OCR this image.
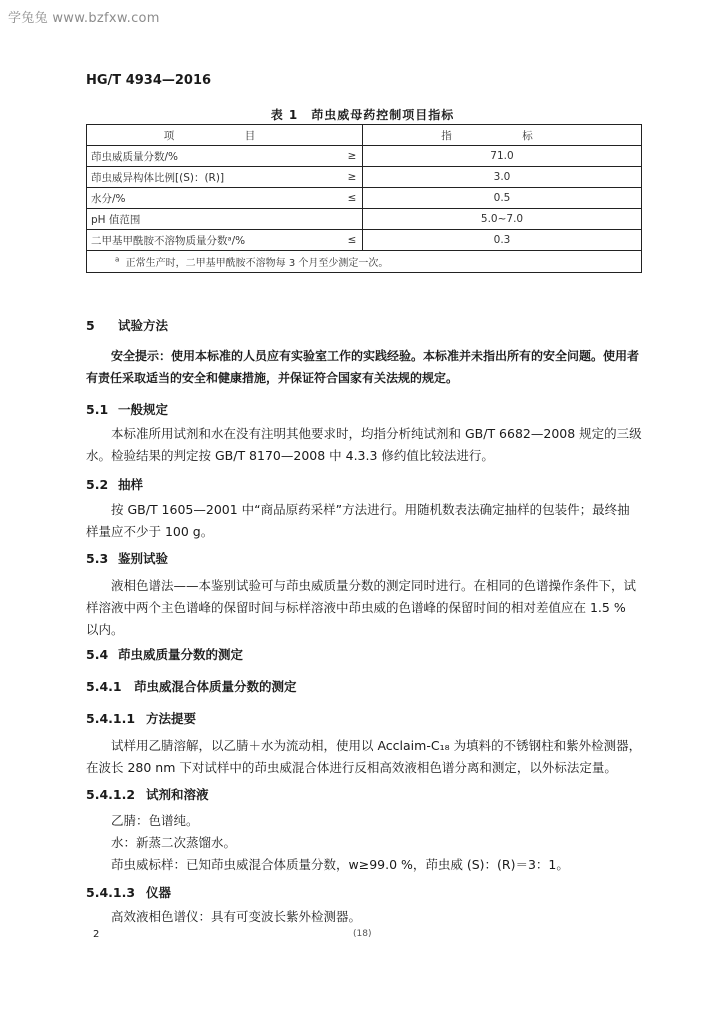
学兔兔 www.bzfxw.com
HG/T 4934—2016
表 1　茚虫威母药控制项目指标
项　目		指　标
茚虫威质量分数/%	≥	71.0
茚虫威异构体比例[(S)：(R)]	≥	3.0
水分/%	≤	0.5
pH 值范围		5.0~7.0
二甲基甲酰胺不溶物质量分数ᵃ/%	≤	0.3
$^a$ 正常生产时，二甲基甲酰胺不溶物每 3 个月至少测定一次。		
5 试验方法
安全提示：使用本标准的人员应有实验室工作的实践经验。本标准并未指出所有的安全问题。使用者有责任采取适当的安全和健康措施，并保证符合国家有关法规的规定。
5.1 一般规定
本标准所用试剂和水在没有注明其他要求时，均指分析纯试剂和 GB/T 6682—2008 规定的三级水。检验结果的判定按 GB/T 8170—2008 中 4.3.3 修约值比较法进行。
5.2 抽样
按 GB/T 1605—2001 中“商品原药采样”方法进行。用随机数表法确定抽样的包装件；最终抽样量应不少于 100 g。
5.3 鉴别试验
液相色谱法——本鉴别试验可与茚虫威质量分数的测定同时进行。在相同的色谱操作条件下，试样溶液中两个主色谱峰的保留时间与标样溶液中茚虫威的色谱峰的保留时间的相对差值应在 1.5 % 以内。
5.4 茚虫威质量分数的测定
5.4.1 茚虫威混合体质量分数的测定
5.4.1.1 方法提要
试样用乙腈溶解，以乙腈＋水为流动相，使用以 Acclaim-C₁₈ 为填料的不锈钢柱和紫外检测器，在波长 280 nm 下对试样中的茚虫威混合体进行反相高效液相色谱分离和测定，以外标法定量。
5.4.1.2 试剂和溶液
乙腈：色谱纯。
水：新蒸二次蒸馏水。
茚虫威标样：已知茚虫威混合体质量分数，w≥99.0 %，茚虫威 (S)：(R)＝3：1。
5.4.1.3 仪器
高效液相色谱仪：具有可变波长紫外检测器。
2	(18)
